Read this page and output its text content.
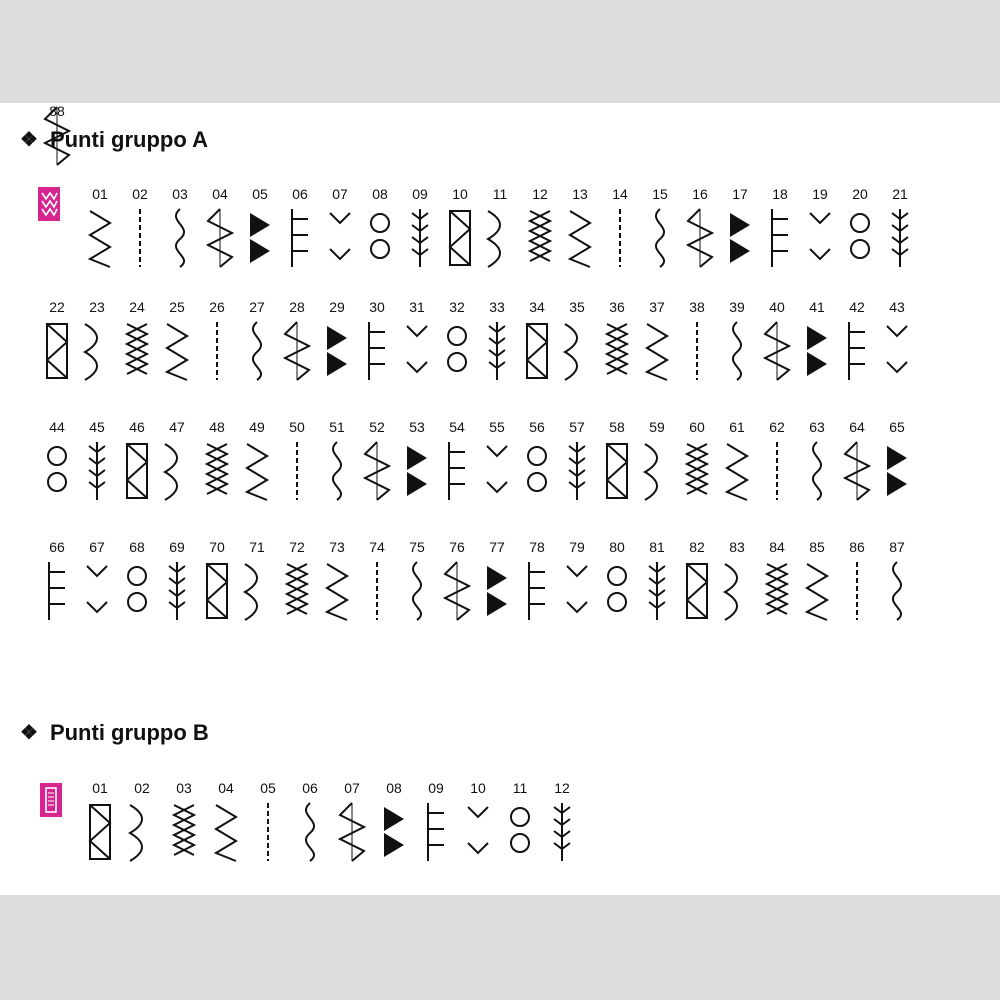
❖ Punti gruppo A
❖ Punti gruppo B
01	02	03	04	05	06	07	08	09	10	11	12	13	14	15	16	17	18	19	20	21
22	23	24	25	26	27	28	29	30	31	32	33	34	35	36	37	38	39	40	41	42	43
44	45	46	47	48	49	50	51	52	53	54	55	56	57	58	59	60	61	62	63	64	65
66	67	68	69	70	71	72	73	74	75	76	77	78	79	80	81	82	83	84	85	86	87
88
01	02	03	04	05	06	07	08	09	10	11	12
